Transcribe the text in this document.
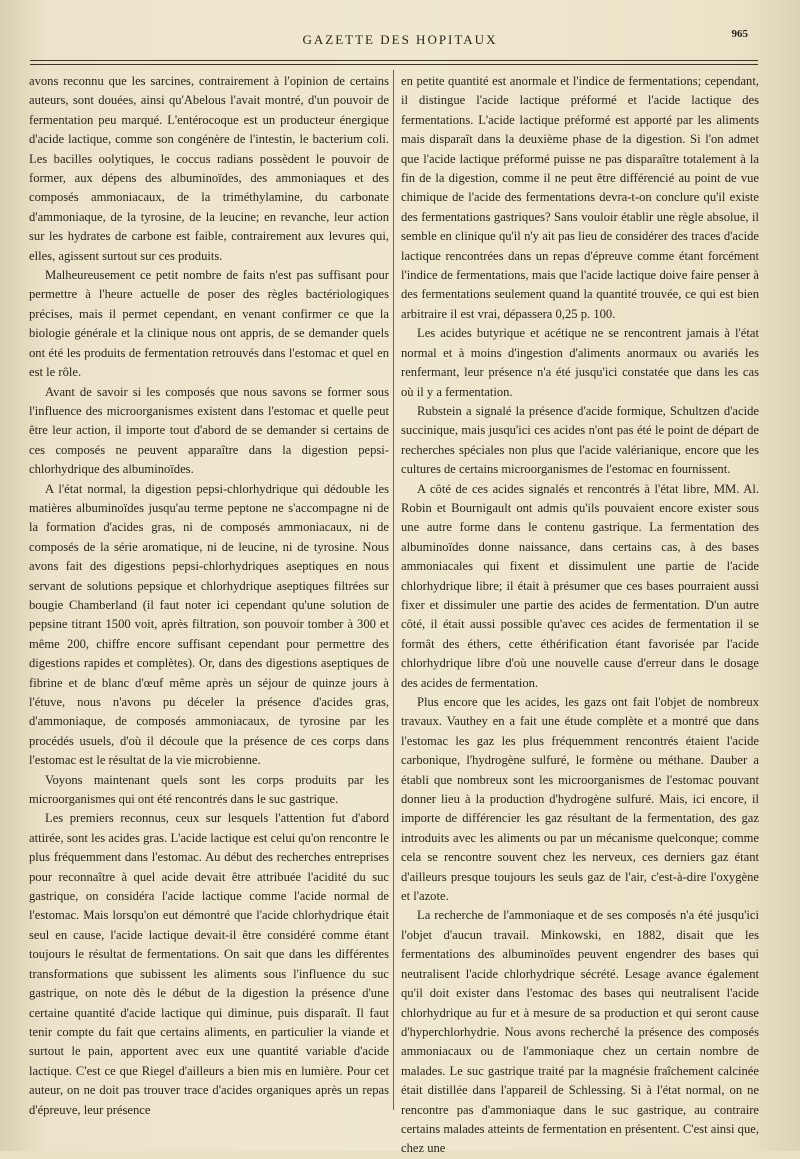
GAZETTE DES HOPITAUX	965

avons reconnu que les sarcines, contrairement à l'opinion de certains auteurs, sont douées, ainsi qu'Abelous l'avait montré, d'un pouvoir de fermentation peu marqué. L'entérocoque est un producteur énergique d'acide lactique, comme son congénère de l'intestin, le bacterium coli. Les bacilles oolytiques, le coccus radians possèdent le pouvoir de former, aux dépens des albuminoïdes, des ammoniaques et des composés ammoniacaux, de la triméthylamine, du carbonate d'ammoniaque, de la tyrosine, de la leucine; en revanche, leur action sur les hydrates de carbone est faible, contrairement aux levures qui, elles, agissent surtout sur ces produits.

Malheureusement ce petit nombre de faits n'est pas suffisant pour permettre à l'heure actuelle de poser des règles bactériologiques précises, mais il permet cependant, en venant confirmer ce que la biologie générale et la clinique nous ont appris, de se demander quels ont été les produits de fermentation retrouvés dans l'estomac et quel en est le rôle.

Avant de savoir si les composés que nous savons se former sous l'influence des microorganismes existent dans l'estomac et quelle peut être leur action, il importe tout d'abord de se demander si certains de ces composés ne peuvent apparaître dans la digestion pepsi-chlorhydrique des albuminoïdes.

A l'état normal, la digestion pepsi-chlorhydrique qui dédouble les matières albuminoïdes jusqu'au terme peptone ne s'accompagne ni de la formation d'acides gras, ni de composés ammoniacaux, ni de composés de la série aromatique, ni de leucine, ni de tyrosine. Nous avons fait des digestions pepsi-chlorhydriques aseptiques en nous servant de solutions pepsique et chlorhydrique aseptiques filtrées sur bougie Chamberland (il faut noter ici cependant qu'une solution de pepsine titrant 1500 voit, après filtration, son pouvoir tomber à 300 et même 200, chiffre encore suffisant cependant pour permettre des digestions rapides et complètes). Or, dans des digestions aseptiques de fibrine et de blanc d'œuf même après un séjour de quinze jours à l'étuve, nous n'avons pu déceler la présence d'acides gras, d'ammoniaque, de composés ammoniacaux, de tyrosine par les procédés usuels, d'où il découle que la présence de ces corps dans l'estomac est le résultat de la vie microbienne.

Voyons maintenant quels sont les corps produits par les microorganismes qui ont été rencontrés dans le suc gastrique.

Les premiers reconnus, ceux sur lesquels l'attention fut d'abord attirée, sont les acides gras. L'acide lactique est celui qu'on rencontre le plus fréquemment dans l'estomac. Au début des recherches entreprises pour reconnaître à quel acide devait être attribuée l'acidité du suc gastrique, on considéra l'acide lactique comme l'acide normal de l'estomac. Mais lorsqu'on eut démontré que l'acide chlorhydrique était seul en cause, l'acide lactique devait-il être considéré comme étant toujours le résultat de fermentations. On sait que dans les différentes transformations que subissent les aliments sous l'influence du suc gastrique, on note dès le début de la digestion la présence d'une certaine quantité d'acide lactique qui diminue, puis disparaît. Il faut tenir compte du fait que certains aliments, en particulier la viande et surtout le pain, apportent avec eux une quantité variable d'acide lactique. C'est ce que Riegel d'ailleurs a bien mis en lumière. Pour cet auteur, on ne doit pas trouver trace d'acides organiques après un repas d'épreuve, leur présence

en petite quantité est anormale et l'indice de fermentations; cependant, il distingue l'acide lactique préformé et l'acide lactique des fermentations. L'acide lactique préformé est apporté par les aliments mais disparaît dans la deuxième phase de la digestion. Si l'on admet que l'acide lactique préformé puisse ne pas disparaître totalement à la fin de la digestion, comme il ne peut être différencié au point de vue chimique de l'acide des fermentations devra-t-on conclure qu'il existe des fermentations gastriques? Sans vouloir établir une règle absolue, il semble en clinique qu'il n'y ait pas lieu de considérer des traces d'acide lactique rencontrées dans un repas d'épreuve comme étant forcément l'indice de fermentations, mais que l'acide lactique doive faire penser à des fermentations seulement quand la quantité trouvée, ce qui est bien arbitraire il est vrai, dépassera 0,25 p. 100.

Les acides butyrique et acétique ne se rencontrent jamais à l'état normal et à moins d'ingestion d'aliments anormaux ou avariés les renfermant, leur présence n'a été jusqu'ici constatée que dans les cas où il y a fermentation.

Rubstein a signalé la présence d'acide formique, Schultzen d'acide succinique, mais jusqu'ici ces acides n'ont pas été le point de départ de recherches spéciales non plus que l'acide valérianique, encore que les cultures de certains microorganismes de l'estomac en fournissent.

A côté de ces acides signalés et rencontrés à l'état libre, MM. Al. Robin et Bournigault ont admis qu'ils pouvaient encore exister sous une autre forme dans le contenu gastrique. La fermentation des albuminoïdes donne naissance, dans certains cas, à des bases ammoniacales qui fixent et dissimulent une partie de l'acide chlorhydrique libre; il était à présumer que ces bases pourraient aussi fixer et dissimuler une partie des acides de fermentation. D'un autre côté, il était aussi possible qu'avec ces acides de fermentation il se formât des éthers, cette éthérification étant favorisée par l'acide chlorhydrique libre d'où une nouvelle cause d'erreur dans le dosage des acides de fermentation.

Plus encore que les acides, les gazs ont fait l'objet de nombreux travaux. Vauthey en a fait une étude complète et a montré que dans l'estomac les gaz les plus fréquemment rencontrés étaient l'acide carbonique, l'hydrogène sulfuré, le formène ou méthane. Dauber a établi que nombreux sont les microorganismes de l'estomac pouvant donner lieu à la production d'hydrogène sulfuré. Mais, ici encore, il importe de différencier les gaz résultant de la fermentation, des gaz introduits avec les aliments ou par un mécanisme quelconque; comme cela se rencontre souvent chez les nerveux, ces derniers gaz étant d'ailleurs presque toujours les seuls gaz de l'air, c'est-à-dire l'oxygène et l'azote.

La recherche de l'ammoniaque et de ses composés n'a été jusqu'ici l'objet d'aucun travail. Minkowski, en 1882, disait que les fermentations des albuminoïdes peuvent engendrer des bases qui neutralisent l'acide chlorhydrique sécrété. Lesage avance également qu'il doit exister dans l'estomac des bases qui neutralisent l'acide chlorhydrique au fur et à mesure de sa production et qui seront cause d'hyperchlorhydrie. Nous avons recherché la présence des composés ammoniacaux ou de l'ammoniaque chez un certain nombre de malades. Le suc gastrique traité par la magnésie fraîchement calcinée était distillée dans l'appareil de Schlessing. Si à l'état normal, on ne rencontre pas d'ammoniaque dans le suc gastrique, au contraire certains malades atteints de fermentation en présentent. C'est ainsi que, chez une
